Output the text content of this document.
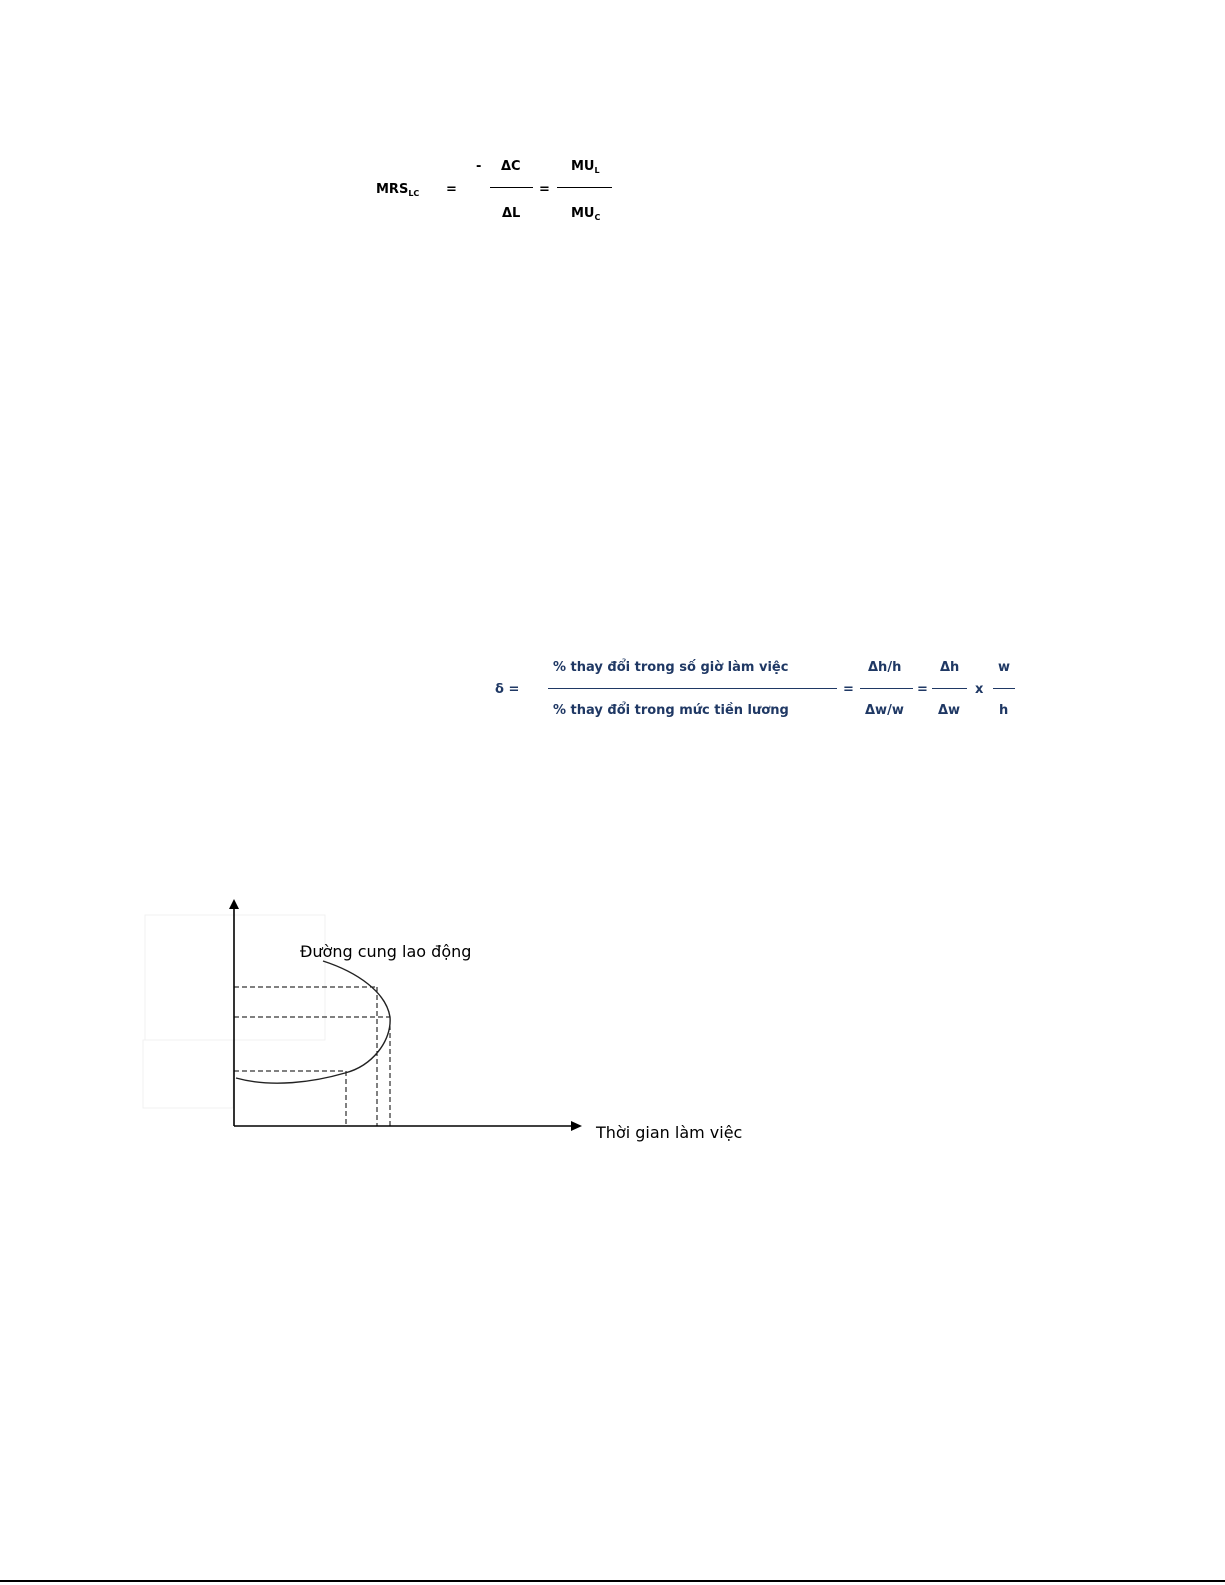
$MRS_{LC}$ =
- ΔC
ΔL
=
$MU_L$
$MU_C$
δ =
% thay đổi trong số giờ làm việc
% thay đổi trong mức tiền lương
=
Δh/h
Δw/w
=
Δh
Δw
x
w
h
Đường cung lao động
Thời gian làm việc
